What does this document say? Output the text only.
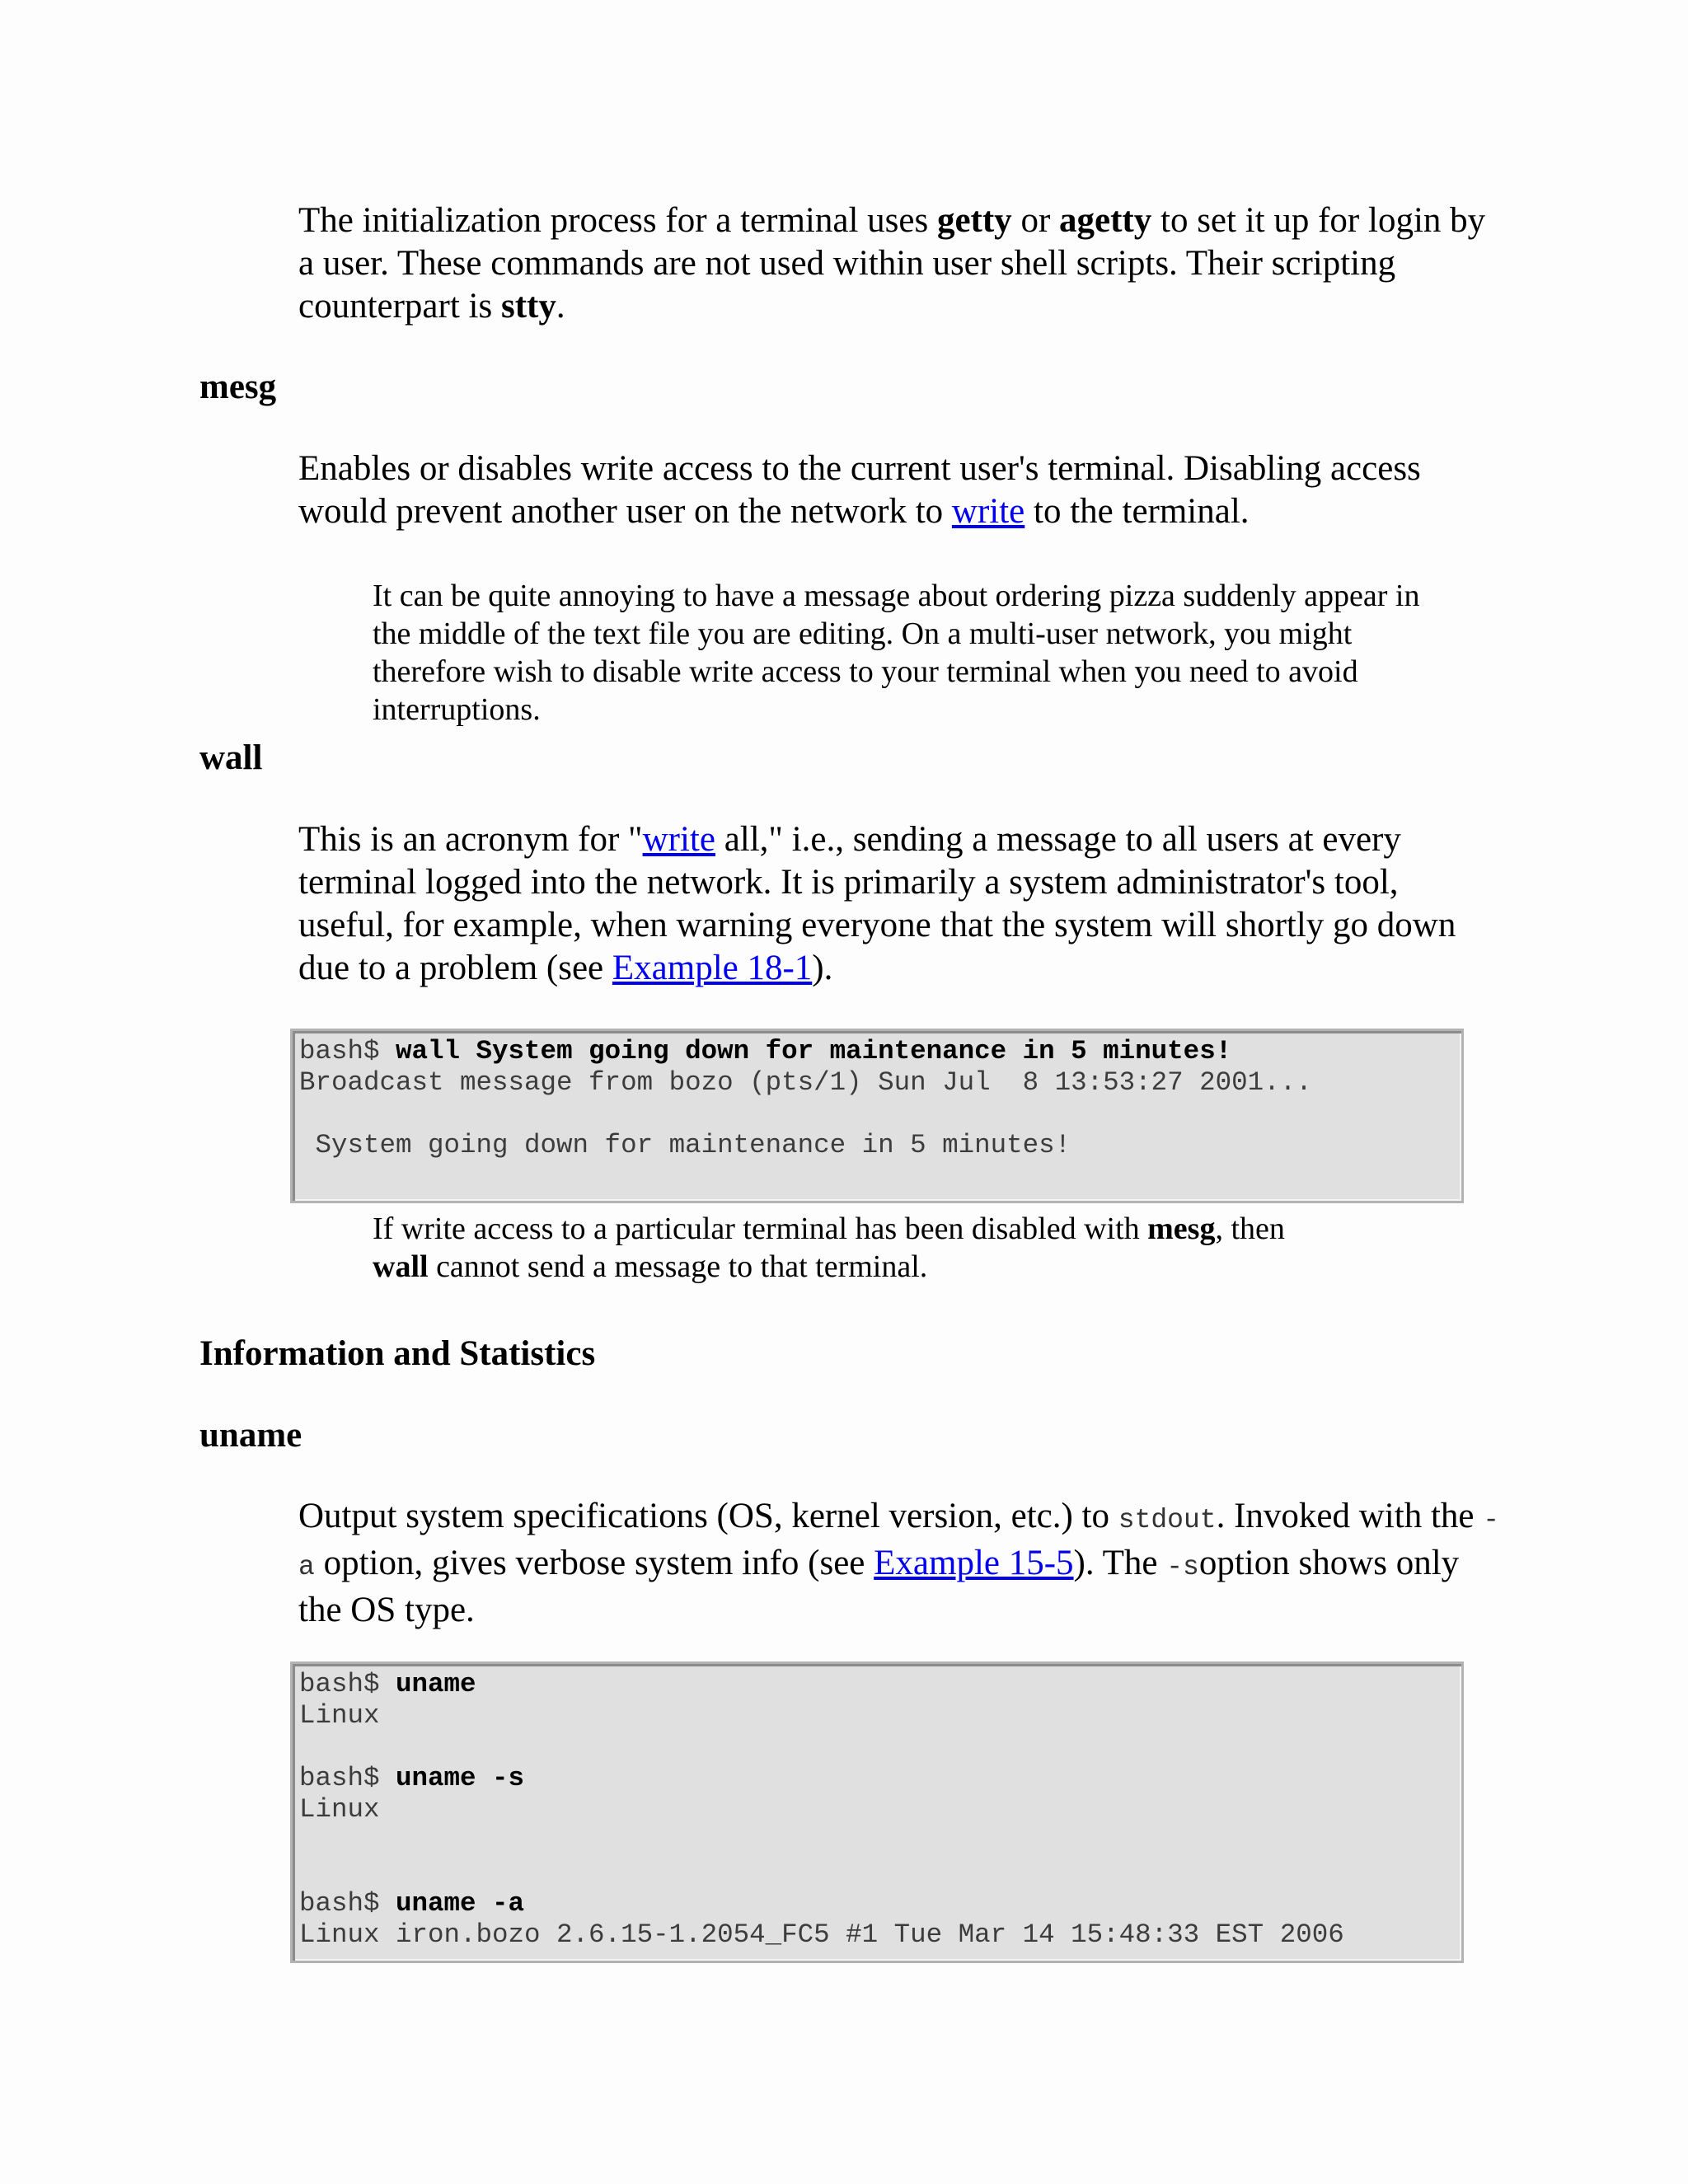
The initialization process for a terminal uses getty or agetty to set it up for login by a user. These commands are not used within user shell scripts. Their scripting counterpart is stty.

mesg

Enables or disables write access to the current user's terminal. Disabling access would prevent another user on the network to write to the terminal.

It can be quite annoying to have a message about ordering pizza suddenly appear in the middle of the text file you are editing. On a multi-user network, you might therefore wish to disable write access to your terminal when you need to avoid interruptions.

wall

This is an acronym for "write all," i.e., sending a message to all users at every terminal logged into the network. It is primarily a system administrator's tool, useful, for example, when warning everyone that the system will shortly go down due to a problem (see Example 18-1).

bash$ wall System going down for maintenance in 5 minutes!
Broadcast message from bozo (pts/1) Sun Jul  8 13:53:27 2001...

System going down for maintenance in 5 minutes!

If write access to a particular terminal has been disabled with mesg, then
wall cannot send a message to that terminal.

Information and Statistics

uname

Output system specifications (OS, kernel version, etc.) to stdout. Invoked with the -a option, gives verbose system info (see Example 15-5). The -soption shows only the OS type.

bash$ uname
Linux

bash$ uname -s
Linux

bash$ uname -a
Linux iron.bozo 2.6.15-1.2054_FC5 #1 Tue Mar 14 15:48:33 EST 2006
